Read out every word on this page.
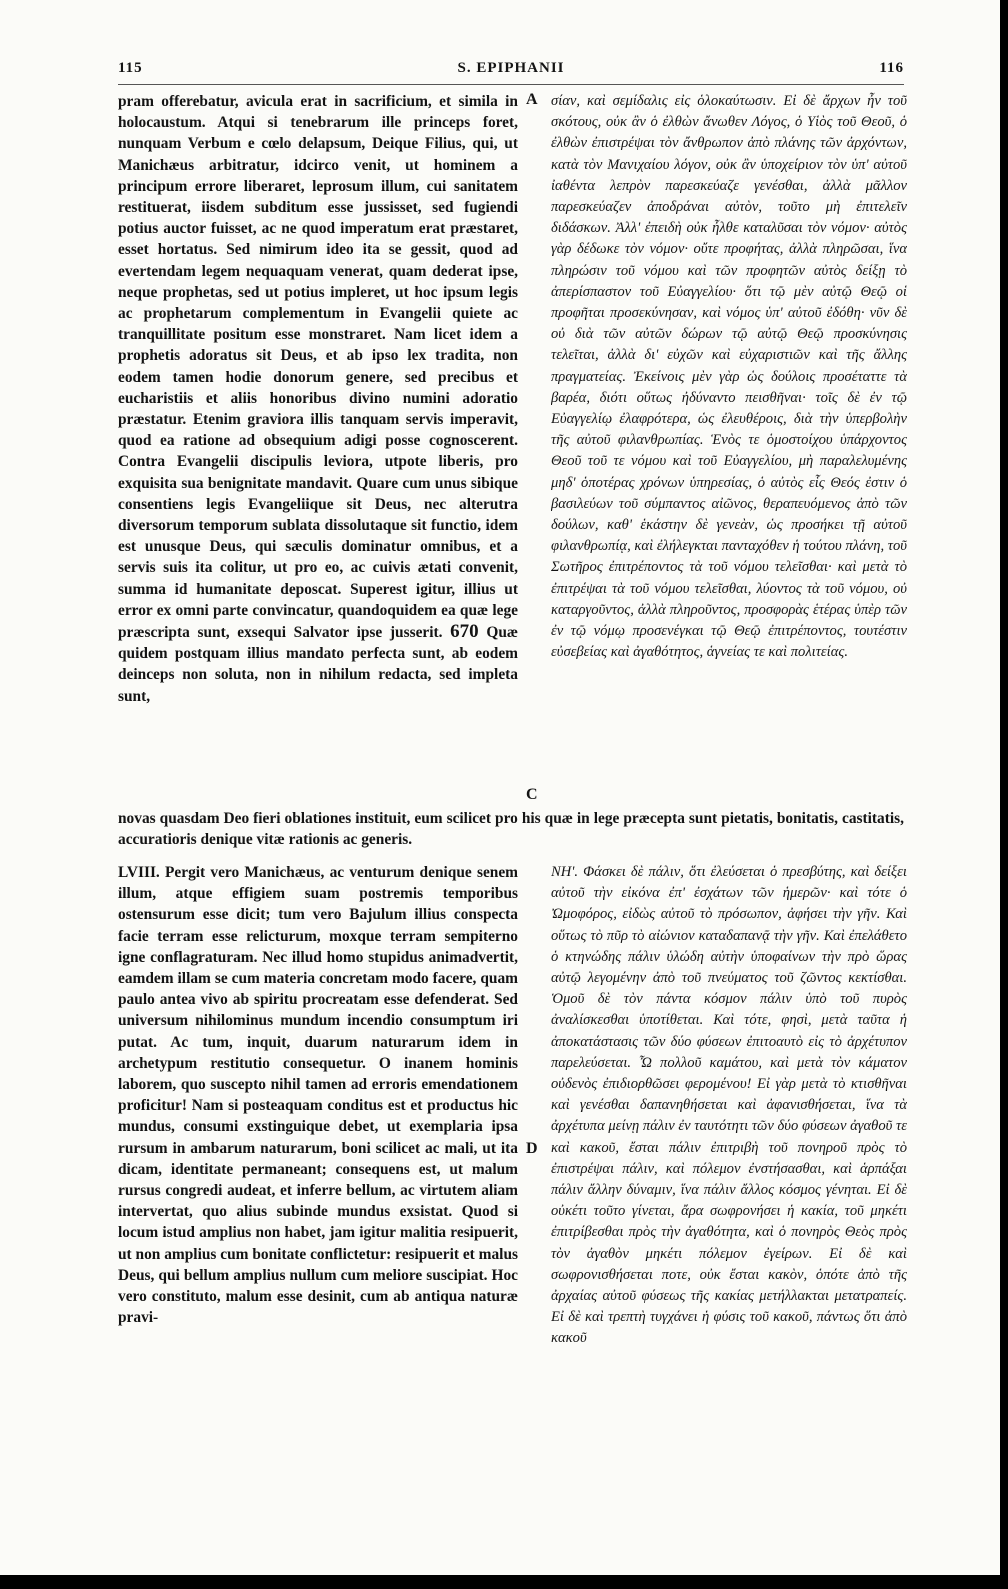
115	S. EPIPHANII	116
A
C
D

pram offerebatur, avicula erat in sacrificium, et simila in holocaustum. Atqui si tenebrarum ille princeps foret, nunquam Verbum e cœlo delapsum, Deique Filius, qui, ut Manichæus arbitratur, idcirco venit, ut hominem a principum errore liberaret, leprosum illum, cui sanitatem restituerat, iisdem subditum esse jussisset, sed fugiendi potius auctor fuisset, ac ne quod imperatum erat præstaret, esset hortatus. Sed nimirum ideo ita se gessit, quod ad evertendam legem nequaquam venerat, quam dederat ipse, neque prophetas, sed ut potius impleret, ut hoc ipsum legis ac prophetarum complementum in Evangelii quiete ac tranquillitate positum esse monstraret. Nam licet idem a prophetis adoratus sit Deus, et ab ipso lex tradita, non eodem tamen hodie donorum genere, sed precibus et eucharistiis et aliis honoribus divino numini adoratio præstatur. Etenim graviora illis tanquam servis imperavit, quod ea ratione ad obsequium adigi posse cognoscerent. Contra Evangelii discipulis leviora, utpote liberis, pro exquisita sua benignitate mandavit. Quare cum unus sibique consentiens legis Evangeliique sit Deus, nec alterutra diversorum temporum sublata dissolutaque sit functio, idem est unusque Deus, qui sæculis dominatur omnibus, et a servis suis ita colitur, ut pro eo, ac cuivis ætati convenit, summa id humanitate deposcat. Superest igitur, illius ut error ex omni parte convincatur, quandoquidem ea quæ lege præscripta sunt, exsequi Salvator ipse jusserit. 670 Quæ quidem postquam illius mandato perfecta sunt, ab eodem deinceps non soluta, non in nihilum redacta, sed impleta sunt,

σίαν, καὶ σεμίδαλις εἰς ὁλοκαύτωσιν. Εἰ δὲ ἄρχων ἦν τοῦ σκότους, οὐκ ἂν ὁ ἐλθὼν ἄνωθεν Λόγος, ὁ Υἱὸς τοῦ Θεοῦ, ὁ ἐλθὼν ἐπιστρέψαι τὸν ἄνθρωπον ἀπὸ πλάνης τῶν ἀρχόντων, κατὰ τὸν Μανιχαίου λόγον, οὐκ ἂν ὑποχείριον τὸν ὑπ' αὐτοῦ ἰαθέντα λεπρὸν παρεσκεύαζε γενέσθαι, ἀλλὰ μᾶλλον παρεσκεύαζεν ἀποδράναι αὐτὸν, τοῦτο μὴ ἐπιτελεῖν διδάσκων. Ἀλλ' ἐπειδὴ οὐκ ἦλθε καταλῦσαι τὸν νόμον· αὐτὸς γὰρ δέδωκε τὸν νόμον· οὔτε προφήτας, ἀλλὰ πληρῶσαι, ἵνα πληρώσιν τοῦ νόμου καὶ τῶν προφητῶν αὐτὸς δείξῃ τὸ ἀπερίσπαστον τοῦ Εὐαγγελίου· ὅτι τῷ μὲν αὐτῷ Θεῷ οἱ προφῆται προσεκύνησαν, καὶ νόμος ὑπ' αὐτοῦ ἐδόθη· νῦν δὲ οὐ διὰ τῶν αὐτῶν δώρων τῷ αὐτῷ Θεῷ προσκύνησις τελεῖται, ἀλλὰ δι' εὐχῶν καὶ εὐχαριστιῶν καὶ τῆς ἄλλης πραγματείας. Ἐκείνοις μὲν γὰρ ὡς δούλοις προσέταττε τὰ βαρέα, διότι οὕτως ἠδύναντο πεισθῆναι· τοῖς δὲ ἐν τῷ Εὐαγγελίῳ ἐλαφρότερα, ὡς ἐλευθέροις, διὰ τὴν ὑπερβολὴν τῆς αὐτοῦ φιλανθρωπίας. Ἑνὸς τε ὁμοστοίχου ὑπάρχοντος Θεοῦ τοῦ τε νόμου καὶ τοῦ Εὐαγγελίου, μὴ παραλελυμένης μηδ' ὁποτέρας χρόνων ὑπηρεσίας, ὁ αὐτὸς εἷς Θεός ἐστιν ὁ βασιλεύων τοῦ σύμπαντος αἰῶνος, θεραπευόμενος ἀπὸ τῶν δούλων, καθ' ἑκάστην δὲ γενεὰν, ὡς προσήκει τῇ αὐτοῦ φιλανθρωπίᾳ, καὶ ἐλήλεγκται πανταχόθεν ἡ τούτου πλάνη, τοῦ Σωτῆρος ἐπιτρέποντος τὰ τοῦ νόμου τελεῖσθαι· καὶ μετὰ τὸ ἐπιτρέψαι τὰ τοῦ νόμου τελεῖσθαι, λύοντος τὰ τοῦ νόμου, οὐ καταργοῦντος, ἀλλὰ πληροῦντος, προσφορὰς ἑτέρας ὑπὲρ τῶν ἐν τῷ νόμῳ προσενέγκαι τῷ Θεῷ ἐπιτρέποντος, τουτέστιν εὐσεβείας καὶ ἀγαθότητος, ἁγνείας τε καὶ πολιτείας.

novas quasdam Deo fieri oblationes instituit, eum scilicet pro his quæ in lege præcepta sunt pietatis, bonitatis, castitatis, accuratioris denique vitæ rationis ac generis.

LVIII. Pergit vero Manichæus, ac venturum denique senem illum, atque effigiem suam postremis temporibus ostensurum esse dicit; tum vero Bajulum illius conspecta facie terram esse relicturum, moxque terram sempiterno igne conflagraturam. Nec illud homo stupidus animadvertit, eamdem illam se cum materia concretam modo facere, quam paulo antea vivo ab spiritu procreatam esse defenderat. Sed universum nihilominus mundum incendio consumptum iri putat. Ac tum, inquit, duarum naturarum idem in archetypum restitutio consequetur. O inanem hominis laborem, quo suscepto nihil tamen ad erroris emendationem proficitur! Nam si posteaquam conditus est et productus hic mundus, consumi exstinguique debet, ut exemplaria ipsa rursum in ambarum naturarum, boni scilicet ac mali, ut ita dicam, identitate permaneant; consequens est, ut malum rursus congredi audeat, et inferre bellum, ac virtutem aliam intervertat, quo alius subinde mundus exsistat. Quod si locum istud amplius non habet, jam igitur malitia resipuerit, ut non amplius cum bonitate conflictetur: resipuerit et malus Deus, qui bellum amplius nullum cum meliore suscipiat. Hoc vero constituto, malum esse desinit, cum ab antiqua naturæ pravi-

ΝΗ'. Φάσκει δὲ πάλιν, ὅτι ἐλεύσεται ὁ πρεσβύτης, καὶ δείξει αὐτοῦ τὴν εἰκόνα ἐπ' ἐσχάτων τῶν ἡμερῶν· καὶ τότε ὁ Ὠμοφόρος, εἰδὼς αὐτοῦ τὸ πρόσωπον, ἀφήσει τὴν γῆν. Καὶ οὕτως τὸ πῦρ τὸ αἰώνιον καταδαπανᾷ τὴν γῆν. Καὶ ἐπελάθετο ὁ κτηνώδης πάλιν ὑλώδη αὐτὴν ὑποφαίνων τὴν πρὸ ὥρας αὐτῷ λεγομένην ἀπὸ τοῦ πνεύματος τοῦ ζῶντος κεκτίσθαι. Ὁμοῦ δὲ τὸν πάντα κόσμον πάλιν ὑπὸ τοῦ πυρὸς ἀναλίσκεσθαι ὑποτίθεται. Καὶ τότε, φησὶ, μετὰ ταῦτα ἡ ἀποκατάστασις τῶν δύο φύσεων ἐπιτοαυτὸ εἰς τὸ ἀρχέτυπον παρελεύσεται. Ὦ πολλοῦ καμάτου, καὶ μετὰ τὸν κάματον οὐδενὸς ἐπιδιορθῶσει φερομένου! Εἰ γὰρ μετὰ τὸ κτισθῆναι καὶ γενέσθαι δαπανηθήσεται καὶ ἀφανισθήσεται, ἵνα τὰ ἀρχέτυπα μείνῃ πάλιν ἐν ταυτότητι τῶν δύο φύσεων ἀγαθοῦ τε καὶ κακοῦ, ἔσται πάλιν ἐπιτριβὴ τοῦ πονηροῦ πρὸς τὸ ἐπιστρέψαι πάλιν, καὶ πόλεμον ἐνστήσασθαι, καὶ ἁρπάξαι πάλιν ἄλλην δύναμιν, ἵνα πάλιν ἄλλος κόσμος γένηται. Εἰ δὲ οὐκέτι τοῦτο γίνεται, ἄρα σωφρονήσει ἡ κακία, τοῦ μηκέτι ἐπιτρίβεσθαι πρὸς τὴν ἀγαθότητα, καὶ ὁ πονηρὸς Θεὸς πρὸς τὸν ἀγαθὸν μηκέτι πόλεμον ἐγείρων. Εἰ δὲ καὶ σωφρονισθήσεται ποτε, οὐκ ἔσται κακὸν, ὁπότε ἀπὸ τῆς ἀρχαίας αὐτοῦ φύσεως τῆς κακίας μετήλλακται μετατραπείς. Εἰ δὲ καὶ τρεπτὴ τυγχάνει ἡ φύσις τοῦ κακοῦ, πάντως ὅτι ἀπὸ κακοῦ
